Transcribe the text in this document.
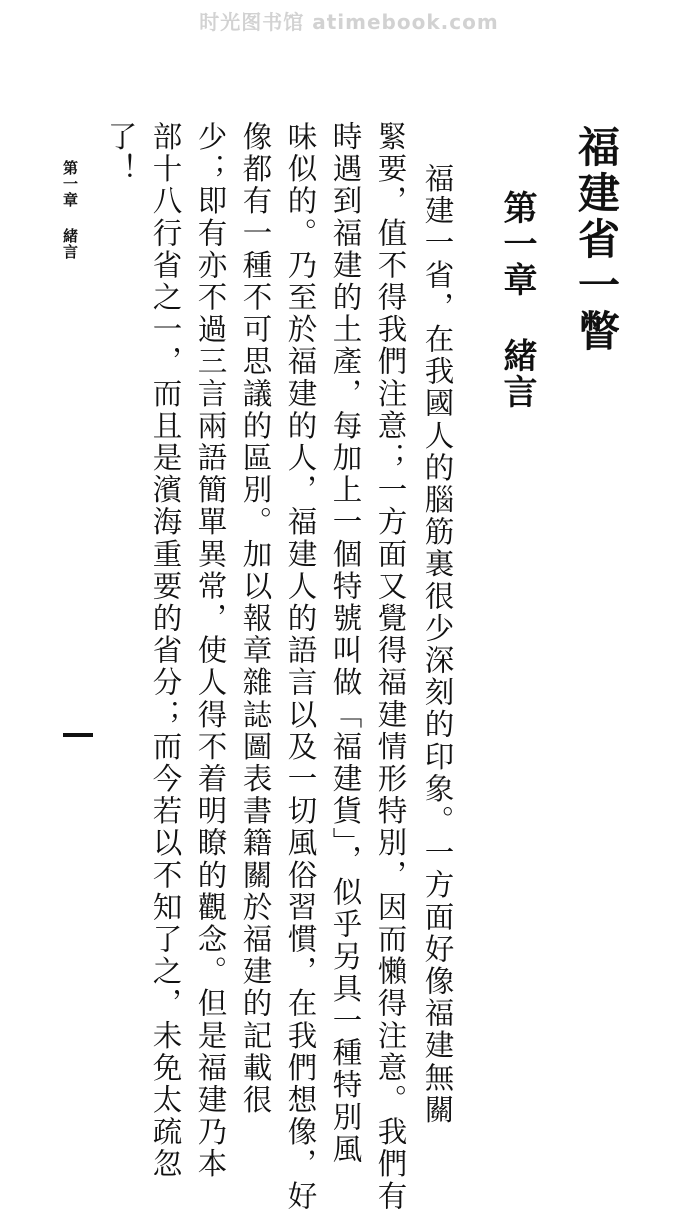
时光图书馆 atimebook.com
福建省一瞥
第一章緒言
福建一省，在我國人的腦筋裏很少深刻的印象。一方面好像福建無關
緊要，值不得我們注意；一方面又覺得福建情形特別，因而懶得注意。我們有
時遇到福建的土產，每加上一個特號叫做「福建貨」，似乎另具一種特別風
味似的。乃至於福建的人，福建人的語言以及一切風俗習慣，在我們想像，好
像都有一種不可思議的區別。加以報章雜誌圖表書籍關於福建的記載很
少；即有亦不過三言兩語簡單異常，使人得不着明瞭的觀念。但是福建乃本
部十八行省之一，而且是濱海重要的省分；而今若以不知了之，未免太疏忽
了！
第一章緒言
